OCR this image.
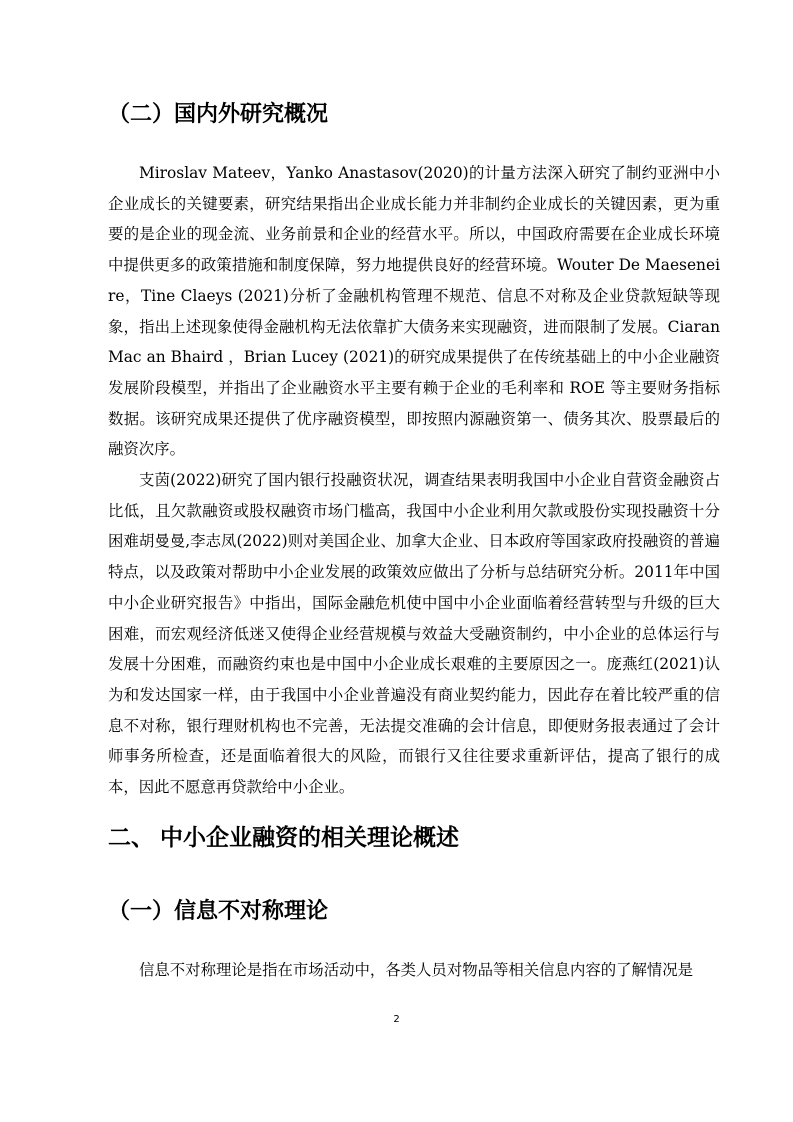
（二）国内外研究概况
Miroslav Mateev，Yanko Anastasov(2020)的计量方法深入研究了制约亚洲中小企业成长的关键要素，研究结果指出企业成长能力并非制约企业成长的关键因素，更为重要的是企业的现金流、业务前景和企业的经营水平。所以，中国政府需要在企业成长环境中提供更多的政策措施和制度保障，努力地提供良好的经营环境。Wouter De Maeseneire，Tine Claeys (2021)分析了金融机构管理不规范、信息不对称及企业贷款短缺等现象，指出上述现象使得金融机构无法依靠扩大债务来实现融资，进而限制了发展。Ciaran Mac an Bhaird ，Brian Lucey (2021)的研究成果提供了在传统基础上的中小企业融资发展阶段模型，并指出了企业融资水平主要有赖于企业的毛利率和 ROE 等主要财务指标数据。该研究成果还提供了优序融资模型，即按照内源融资第一、债务其次、股票最后的融资次序。
支茵(2022)研究了国内银行投融资状况，调查结果表明我国中小企业自营资金融资占比低，且欠款融资或股权融资市场门槛高，我国中小企业利用欠款或股份实现投融资十分困难胡曼曼,李志凤(2022)则对美国企业、加拿大企业、日本政府等国家政府投融资的普遍特点，以及政策对帮助中小企业发展的政策效应做出了分析与总结研究分析。2011年中国中小企业研究报告》中指出，国际金融危机使中国中小企业面临着经营转型与升级的巨大困难，而宏观经济低迷又使得企业经营规模与效益大受融资制约，中小企业的总体运行与发展十分困难，而融资约束也是中国中小企业成长艰难的主要原因之一。庞燕红(2021)认为和发达国家一样，由于我国中小企业普遍没有商业契约能力，因此存在着比较严重的信息不对称，银行理财机构也不完善，无法提交准确的会计信息，即便财务报表通过了会计师事务所检查，还是面临着很大的风险，而银行又往往要求重新评估，提高了银行的成本，因此不愿意再贷款给中小企业。
二、 中小企业融资的相关理论概述
（一）信息不对称理论
信息不对称理论是指在市场活动中，各类人员对物品等相关信息内容的了解情况是
2
